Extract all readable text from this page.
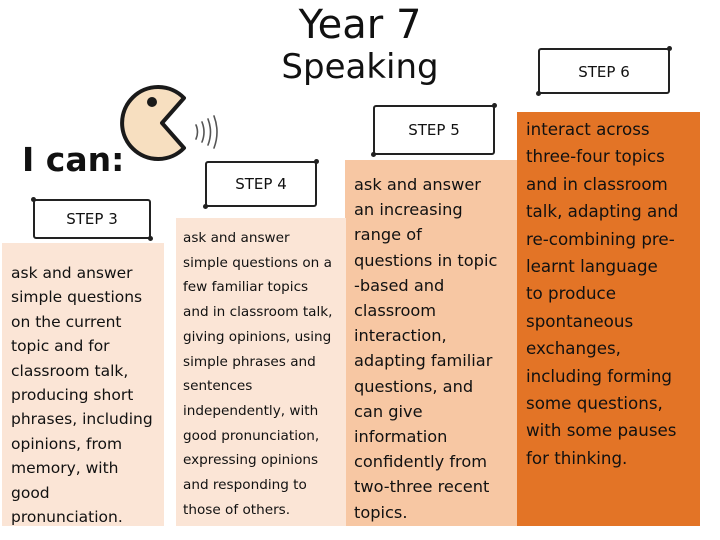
Year 7
Speaking
I can:
interact across
three-four topics
and in classroom
talk, adapting and
re-combining pre-
learnt language
to produce
spontaneous
exchanges,
including forming
some questions,
with some pauses
for thinking.
ask and answer
an increasing
range of
questions in topic
-based and
classroom
interaction,
adapting familiar
questions, and
can give
information
confidently from
two-three recent
topics.
ask and answer
simple questions on a
few familiar topics
and in classroom talk,
giving opinions, using
simple phrases and
sentences
independently, with
good pronunciation,
expressing opinions
and responding to
those of others.
ask and answer
simple questions
on the current
topic and for
classroom talk,
producing short
phrases, including
opinions, from
memory, with
good
pronunciation.
STEP 3
STEP 4
STEP 5
STEP 6
